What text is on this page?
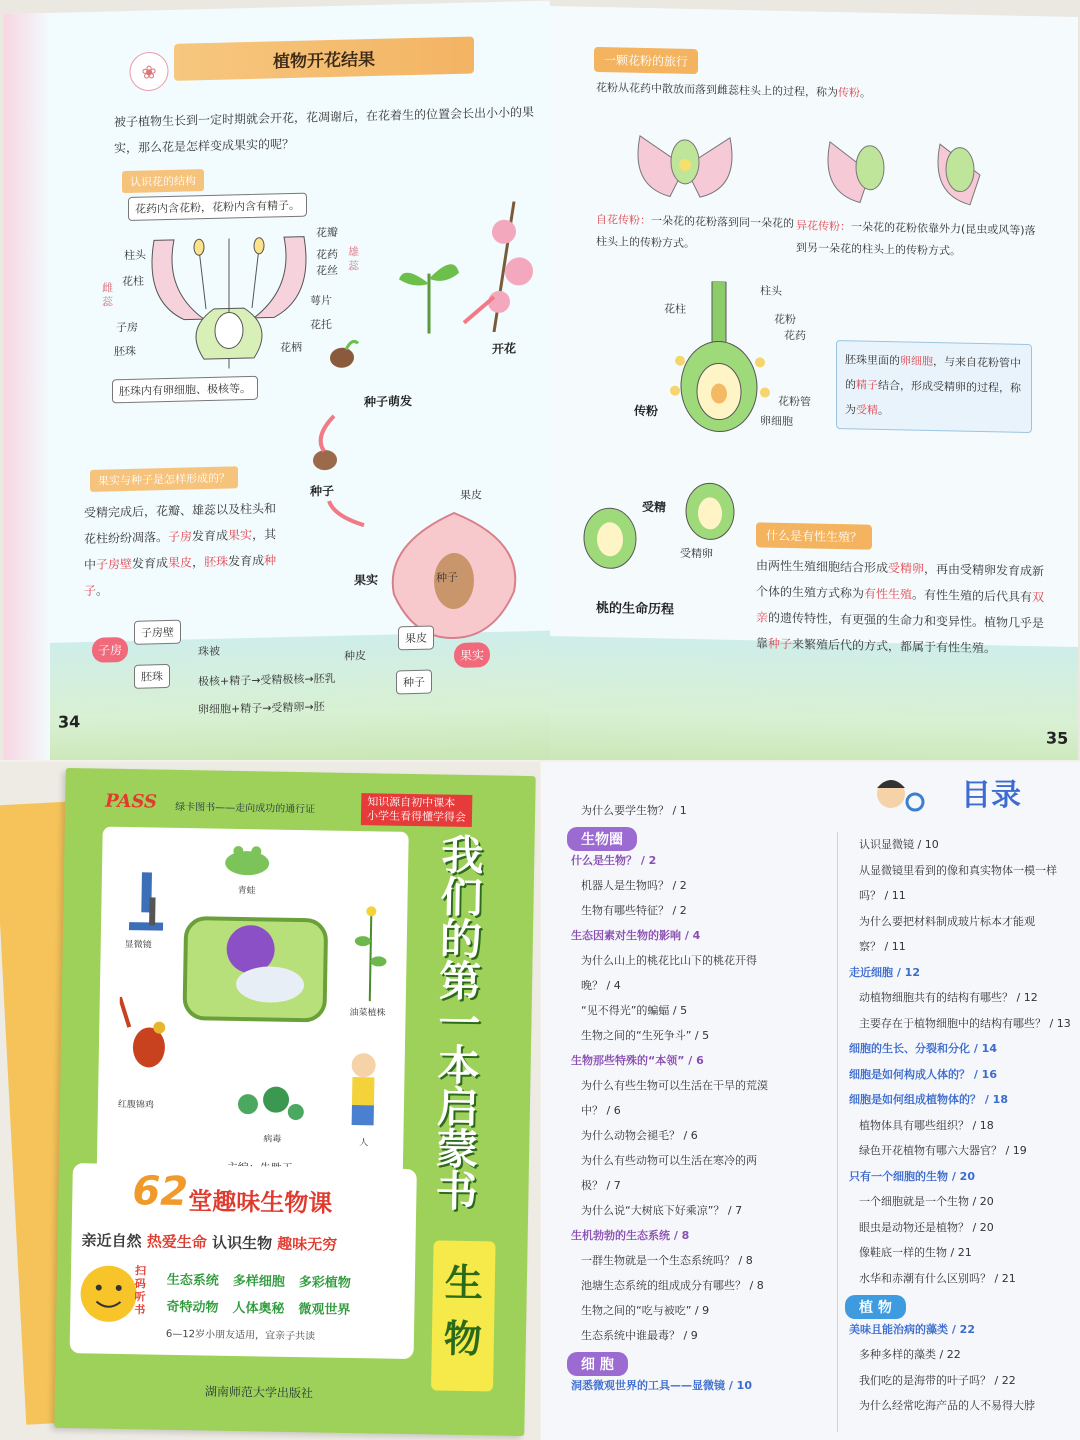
❀
植物开花结果
被子植物生长到一定时期就会开花，花凋谢后，在花着生的位置会长出小小的果实，那么花是怎样变成果实的呢？
认识花的结构
花药内含花粉，花粉内含有精子。
花瓣
花药
花丝
雄蕊
柱头
花柱
雌蕊
子房
胚珠
萼片
花托
花柄
胚珠内有卵细胞、极核等。
开花
种子萌发
种子	果皮
种子
果实
果实与种子是怎样形成的？
受精完成后，花瓣、雄蕊以及柱头和花柱纷纷凋落。子房发育成果实，其中子房壁发育成果皮，胚珠发育成种子。
子房
子房壁
胚珠
珠被
极核+精子→受精极核→胚乳
卵细胞+精子→受精卵→胚
种皮
果皮
种子
果实
34
一颗花粉的旅行
花粉从花药中散放而落到雌蕊柱头上的过程，称为传粉。
自花传粉：一朵花的花粉落到同一朵花的柱头上的传粉方式。
异花传粉：一朵花的花粉依靠外力(昆虫或风等)落到另一朵花的柱头上的传粉方式。
柱头
花柱
花粉
花药
花粉管
卵细胞
传粉
胚珠里面的卵细胞，与来自花粉管中的精子结合，形成受精卵的过程，称为受精。
受精
受精卵
桃的生命历程
什么是有性生殖？
由两性生殖细胞结合形成受精卵，再由受精卵发育成新个体的生殖方式称为有性生殖。有性生殖的后代具有双亲的遗传特性，有更强的生命力和变异性。植物几乎是靠种子来繁殖后代的方式，都属于有性生殖。
35
PASS 绿卡图书——走向成功的通行证	知识源自初中课本
小学生看得懂学得会
显微镜
青蛙
油菜植株
红腹锦鸡
病毒	人
62 堂趣味生物课
亲近自然 热爱生命 认识生物 趣味无穷
扫码听书
生态系统	多样细胞	多彩植物
奇特动物	人体奥秘	微观世界
6—12岁小朋友适用，宜亲子共读
我
们
的
第
一
本
启
蒙
书
生
物
湖南师范大学出版社
目录
为什么要学生物？ / 1
生物圈
什么是生物？ / 2
机器人是生物吗？ / 2
生物有哪些特征？ / 2
生态因素对生物的影响 / 4
为什么山上的桃花比山下的桃花开得
晚？ / 4
“见不得光”的蝙蝠 / 5
生物之间的“生死争斗” / 5
生物那些特殊的“本领” / 6
为什么有些生物可以生活在干旱的荒漠
中？ / 6
为什么动物会褪毛？ / 6
为什么有些动物可以生活在寒冷的两
极？ / 7
为什么说“大树底下好乘凉”？ / 7
生机勃勃的生态系统 / 8
一群生物就是一个生态系统吗？ / 8
池塘生态系统的组成成分有哪些？ / 8
生物之间的“吃与被吃” / 9
生态系统中谁最毒？ / 9
细 胞
洞悉微观世界的工具——显微镜 / 10
认识显微镜 / 10
从显微镜里看到的像和真实物体一模一样
吗？ / 11
为什么要把材料制成玻片标本才能观
察？ / 11
走近细胞 / 12
动植物细胞共有的结构有哪些？ / 12
主要存在于植物细胞中的结构有哪些？ / 13
细胞的生长、分裂和分化 / 14
细胞是如何构成人体的？ / 16
细胞是如何组成植物体的？ / 18
植物体具有哪些组织？ / 18
绿色开花植物有哪六大器官？ / 19
只有一个细胞的生物 / 20
一个细胞就是一个生物 / 20
眼虫是动物还是植物？ / 20
像鞋底一样的生物 / 21
水华和赤潮有什么区别吗？ / 21
植 物
美味且能治病的藻类 / 22
多种多样的藻类 / 22
我们吃的是海带的叶子吗？ / 22
为什么经常吃海产品的人不易得大脖
